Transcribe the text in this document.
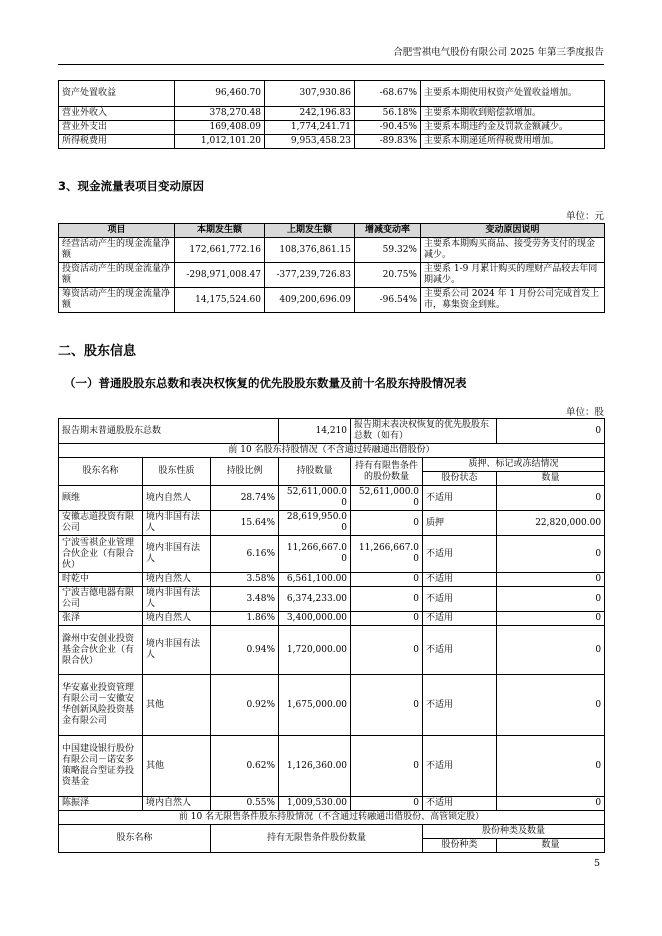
合肥雪祺电气股份有限公司 2025 年第三季度报告
资产处置收益	96,460.70	307,930.86	-68.67%	主要系本期使用权资产处置收益增加。
营业外收入	378,270.48	242,196.83	56.18%	主要系本期收到赔偿款增加。
营业外支出	169,408.09	1,774,241.71	-90.45%	主要系本期违约金及罚款金额减少。
所得税费用	1,012,101.20	9,953,458.23	-89.83%	主要系本期递延所得税费用增加。
3、现金流量表项目变动原因
单位：元
项目	本期发生额	上期发生额	增减变动率	变动原因说明
经营活动产生的现金流量净额	172,661,772.16	108,376,861.15	59.32%	主要系本期购买商品、接受劳务支付的现金减少。
投资活动产生的现金流量净额	-298,971,008.47	-377,239,726.83	20.75%	主要系 1-9 月累计购买的理财产品较去年同期减少。
筹资活动产生的现金流量净额	14,175,524.60	409,200,696.09	-96.54%	主要系公司 2024 年 1 月份公司完成首发上市，募集资金到账。
二、股东信息
（一）普通股股东总数和表决权恢复的优先股股东数量及前十名股东持股情况表
单位：股
报告期末普通股股东总数			14,210	报告期末表决权恢复的优先股股东总数（如有）		0
前 10 名股东持股情况（不含通过转融通出借股份）						
股东名称	股东性质	持股比例	持股数量	持有有限售条件的股份数量	质押、标记或冻结情况	
					股份状态	数量
顾维	境内自然人	28.74%	52,611,000.00	52,611,000.00	不适用	0
安徽志道投资有限公司	境内非国有法人	15.64%	28,619,950.00	0	质押	22,820,000.00
宁波雪祺企业管理合伙企业（有限合伙）	境内非国有法人	6.16%	11,266,667.00	11,266,667.00	不适用	0
时乾中	境内自然人	3.58%	6,561,100.00	0	不适用	0
宁波吉德电器有限公司	境内非国有法人	3.48%	6,374,233.00	0	不适用	0
张泽	境内自然人	1.86%	3,400,000.00	0	不适用	0
滁州中安创业投资基金合伙企业（有限合伙）	境内非国有法人	0.94%	1,720,000.00	0	不适用	0
华安嘉业投资管理有限公司－安徽安华创新风险投资基金有限公司	其他	0.92%	1,675,000.00	0	不适用	0
中国建设银行股份有限公司－诺安多策略混合型证券投资基金	其他	0.62%	1,126,360.00	0	不适用	0
陈振泽	境内自然人	0.55%	1,009,530.00	0	不适用	0
前 10 名无限售条件股东持股情况（不含通过转融通出借股份、高管锁定股）						
股东名称		持有无限售条件股份数量			股份种类及数量	
					股份种类	数量
5
